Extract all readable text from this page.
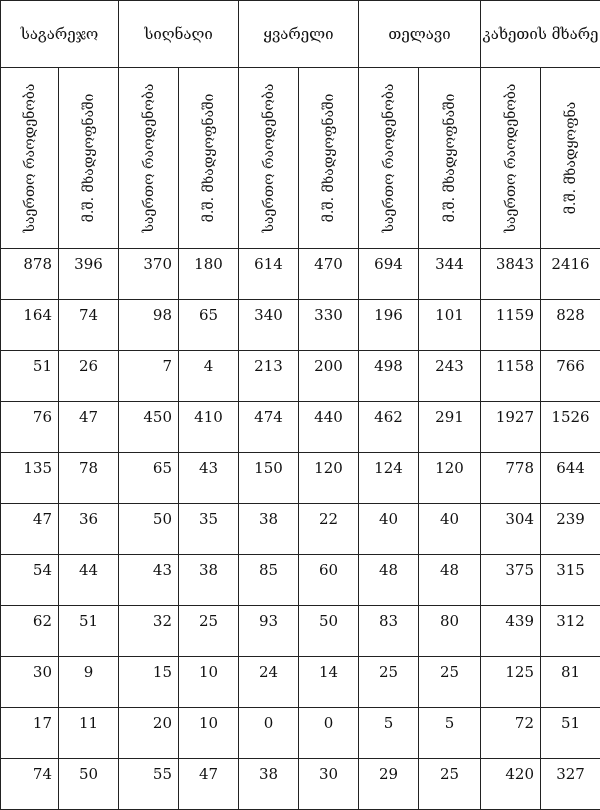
საგარეჯო		სიღნაღი		ყვარელი		თელავი		კახეთის მხარე	

საერთო რაოდენობა	მ.შ. მხადყოფნაში	საერთო რაოდენობა	მ.შ. მხადყოფნაში	საერთო რაოდენობა	მ.შ. მხადყოფნაში	საერთო რაოდენობა	მ.შ. მხადყოფნაში	საერთო რაოდენობა	მ.შ. მხადყოფნა

878	396	370	180	614	470	694	344	3843	2416
164	74	98	65	340	330	196	101	1159	828
51	26	7	4	213	200	498	243	1158	766
76	47	450	410	474	440	462	291	1927	1526
135	78	65	43	150	120	124	120	778	644
47	36	50	35	38	22	40	40	304	239
54	44	43	38	85	60	48	48	375	315
62	51	32	25	93	50	83	80	439	312
30	9	15	10	24	14	25	25	125	81
17	11	20	10	0	0	5	5	72	51
74	50	55	47	38	30	29	25	420	327
